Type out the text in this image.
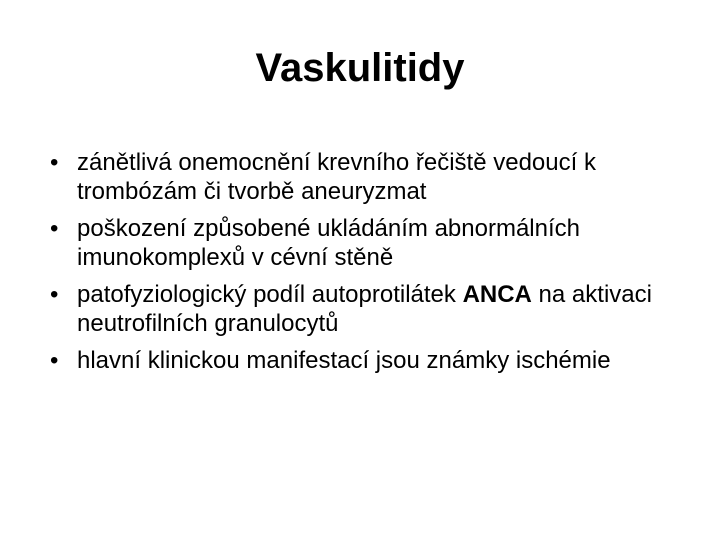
Vaskulitidy
• zánětlivá onemocnění krevního řečiště vedoucí k trombózám či tvorbě aneuryzmat
• poškození způsobené ukládáním abnormálních imunokomplexů v cévní stěně
• patofyziologický podíl autoprotilátek ANCA na aktivaci neutrofilních granulocytů
• hlavní klinickou manifestací jsou známky ischémie
